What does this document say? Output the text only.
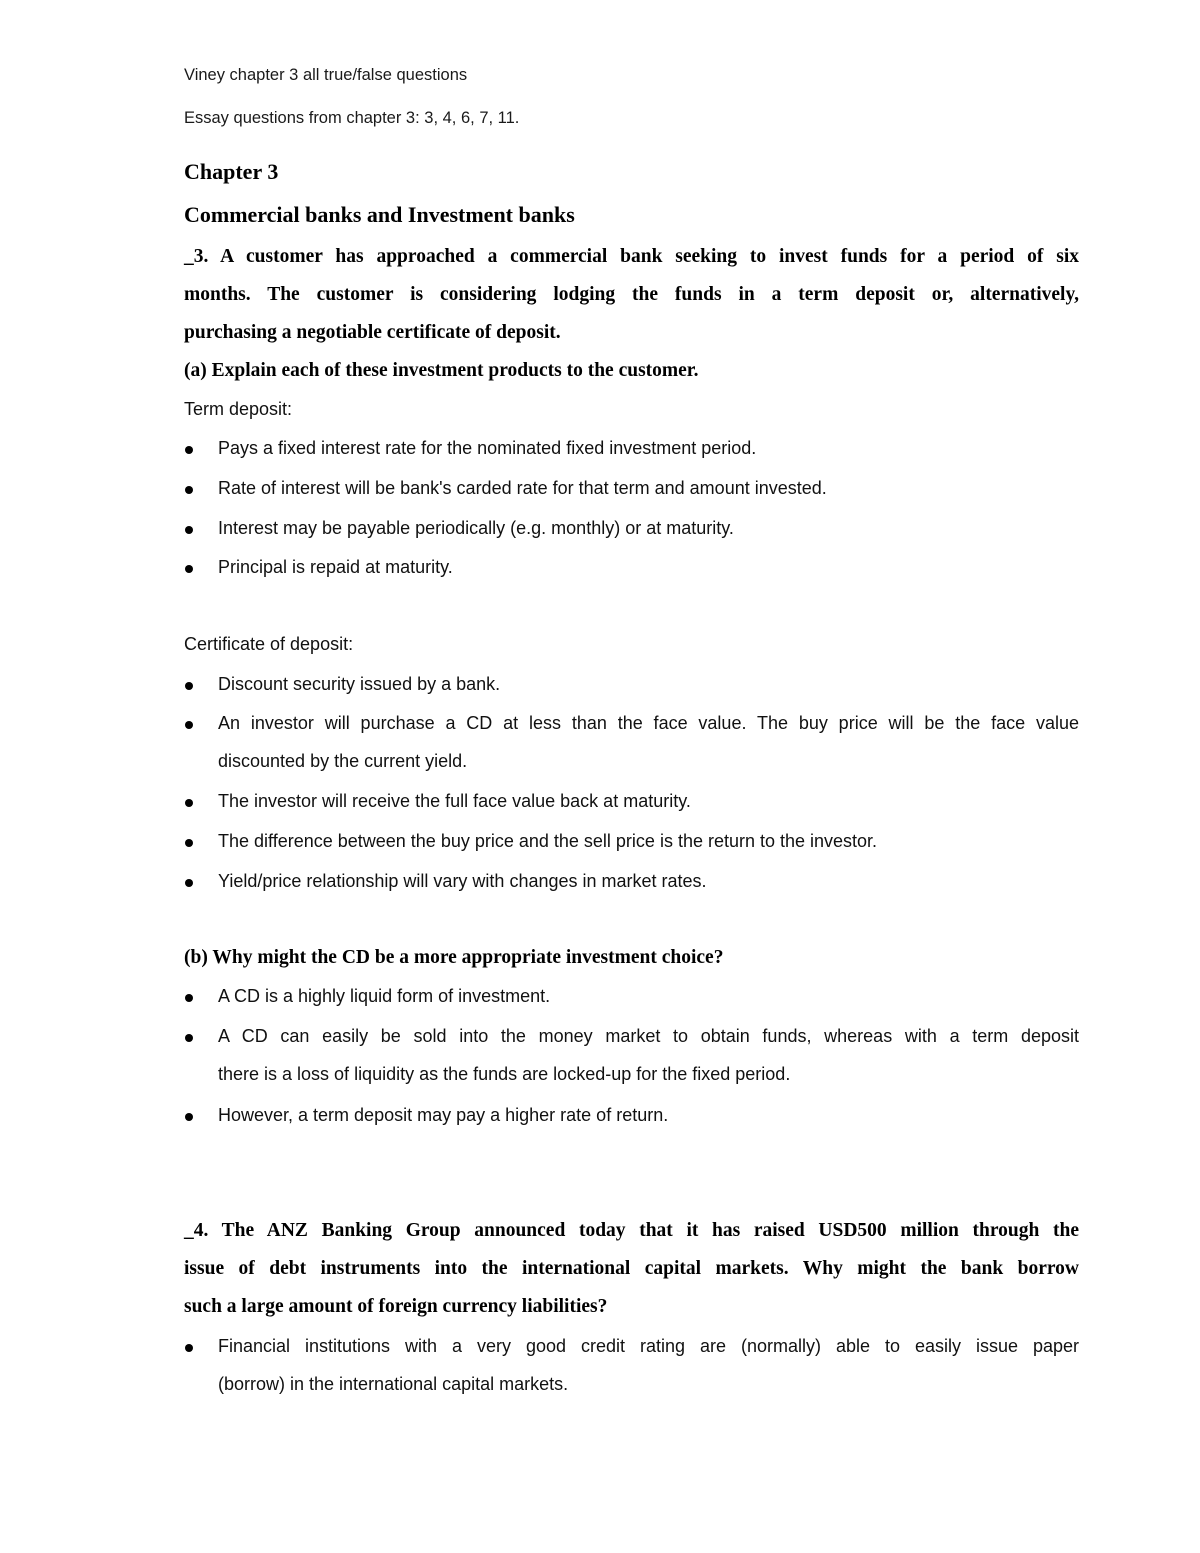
Viney chapter 3 all true/false questions
Essay questions from chapter 3: 3, 4, 6, 7, 11.
Chapter 3
Commercial banks and Investment banks
_3. A customer has approached a commercial bank seeking to invest funds for a period of six
months. The customer is considering lodging the funds in a term deposit or, alternatively,
purchasing a negotiable certificate of deposit.
(a) Explain each of these investment products to the customer.
Term deposit:
Pays a fixed interest rate for the nominated fixed investment period.
Rate of interest will be bank's carded rate for that term and amount invested.
Interest may be payable periodically (e.g. monthly) or at maturity.
Principal is repaid at maturity.
Certificate of deposit:
Discount security issued by a bank.
An investor will purchase a CD at less than the face value. The buy price will be the face value
discounted by the current yield.
The investor will receive the full face value back at maturity.
The difference between the buy price and the sell price is the return to the investor.
Yield/price relationship will vary with changes in market rates.
(b) Why might the CD be a more appropriate investment choice?
A CD is a highly liquid form of investment.
A CD can easily be sold into the money market to obtain funds, whereas with a term deposit
there is a loss of liquidity as the funds are locked-up for the fixed period.
However, a term deposit may pay a higher rate of return.
_4. The ANZ Banking Group announced today that it has raised USD500 million through the
issue of debt instruments into the international capital markets. Why might the bank borrow
such a large amount of foreign currency liabilities?
Financial institutions with a very good credit rating are (normally) able to easily issue paper
(borrow) in the international capital markets.
